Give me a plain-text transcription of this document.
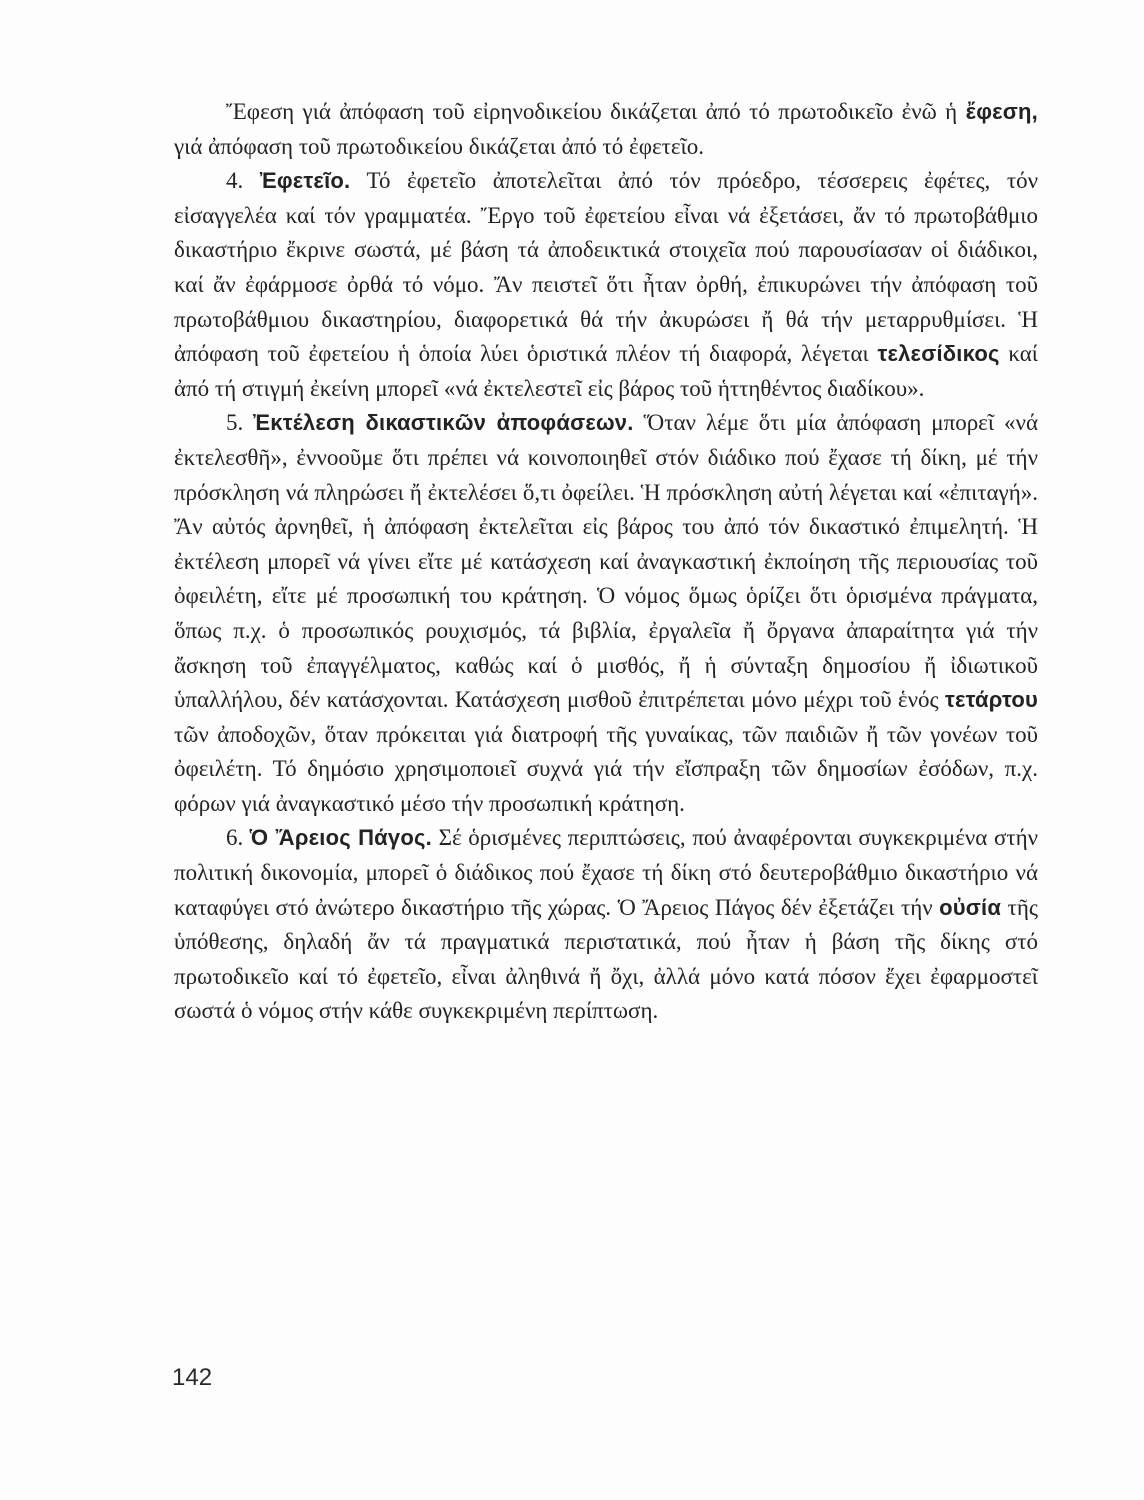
Ἔφεση γιά ἀπόφαση τοῦ εἰρηνοδικείου δικάζεται ἀπό τό πρωτοδικεῖο ἐνῶ ἡ ἔφεση, γιά ἀπόφαση τοῦ πρωτοδικείου δικάζεται ἀπό τό ἐφετεῖο.

4. Ἐφετεῖο. Τό ἐφετεῖο ἀποτελεῖται ἀπό τόν πρόεδρο, τέσσερεις ἐφέτες, τόν εἰσαγγελέα καί τόν γραμματέα. Ἔργο τοῦ ἐφετείου εἶναι νά ἐξετάσει, ἄν τό πρωτοβάθμιο δικαστήριο ἔκρινε σωστά, μέ βάση τά ἀποδεικτικά στοιχεῖα πού παρουσίασαν οἱ διάδικοι, καί ἄν ἐφάρμοσε ὀρθά τό νόμο. Ἄν πειστεῖ ὅτι ἦταν ὀρθή, ἐπικυρώνει τήν ἀπόφαση τοῦ πρωτοβάθμιου δικαστηρίου, διαφορετικά θά τήν ἀκυρώσει ἤ θά τήν μεταρρυθμίσει. Ἡ ἀπόφαση τοῦ ἐφετείου ἡ ὁποία λύει ὁριστικά πλέον τή διαφορά, λέγεται τελεσίδικος καί ἀπό τή στιγμή ἐκείνη μπορεῖ «νά ἐκτελεστεῖ εἰς βάρος τοῦ ἡττηθέντος διαδίκου».

5. Ἐκτέλεση δικαστικῶν ἀποφάσεων. Ὅταν λέμε ὅτι μία ἀπόφαση μπορεῖ «νά ἐκτελεσθῆ», ἐννοοῦμε ὅτι πρέπει νά κοινοποιηθεῖ στόν διάδικο πού ἔχασε τή δίκη, μέ τήν πρόσκληση νά πληρώσει ἤ ἐκτελέσει ὅ,τι ὀφείλει. Ἡ πρόσκληση αὐτή λέγεται καί «ἐπιταγή». Ἄν αὐτός ἀρνηθεῖ, ἡ ἀπόφαση ἐκτελεῖται εἰς βάρος του ἀπό τόν δικαστικό ἐπιμελητή. Ἡ ἐκτέλεση μπορεῖ νά γίνει εἴτε μέ κατάσχεση καί ἀναγκαστική ἐκποίηση τῆς περιουσίας τοῦ ὀφειλέτη, εἴτε μέ προσωπική του κράτηση. Ὁ νόμος ὅμως ὁρίζει ὅτι ὁρισμένα πράγματα, ὅπως π.χ. ὁ προσωπικός ρουχισμός, τά βιβλία, ἐργαλεῖα ἤ ὄργανα ἀπαραίτητα γιά τήν ἄσκηση τοῦ ἐπαγγέλματος, καθώς καί ὁ μισθός, ἤ ἡ σύνταξη δημοσίου ἤ ἰδιωτικοῦ ὑπαλλήλου, δέν κατάσχονται. Κατάσχεση μισθοῦ ἐπιτρέπεται μόνο μέχρι τοῦ ἑνός τετάρτου τῶν ἀποδοχῶν, ὅταν πρόκειται γιά διατροφή τῆς γυναίκας, τῶν παιδιῶν ἤ τῶν γονέων τοῦ ὀφειλέτη. Τό δημόσιο χρησιμοποιεῖ συχνά γιά τήν εἴσπραξη τῶν δημοσίων ἐσόδων, π.χ. φόρων γιά ἀναγκαστικό μέσο τήν προσωπική κράτηση.

6. Ὁ Ἄρειος Πάγος. Σέ ὁρισμένες περιπτώσεις, πού ἀναφέρονται συγκεκριμένα στήν πολιτική δικονομία, μπορεῖ ὁ διάδικος πού ἔχασε τή δίκη στό δευτεροβάθμιο δικαστήριο νά καταφύγει στό ἀνώτερο δικαστήριο τῆς χώρας. Ὁ Ἄρειος Πάγος δέν ἐξετάζει τήν οὐσία τῆς ὑπόθεσης, δηλαδή ἄν τά πραγματικά περιστατικά, πού ἦταν ἡ βάση τῆς δίκης στό πρωτοδικεῖο καί τό ἐφετεῖο, εἶναι ἀληθινά ἤ ὄχι, ἀλλά μόνο κατά πόσον ἔχει ἐφαρμοστεῖ σωστά ὁ νόμος στήν κάθε συγκεκριμένη περίπτωση.

142
